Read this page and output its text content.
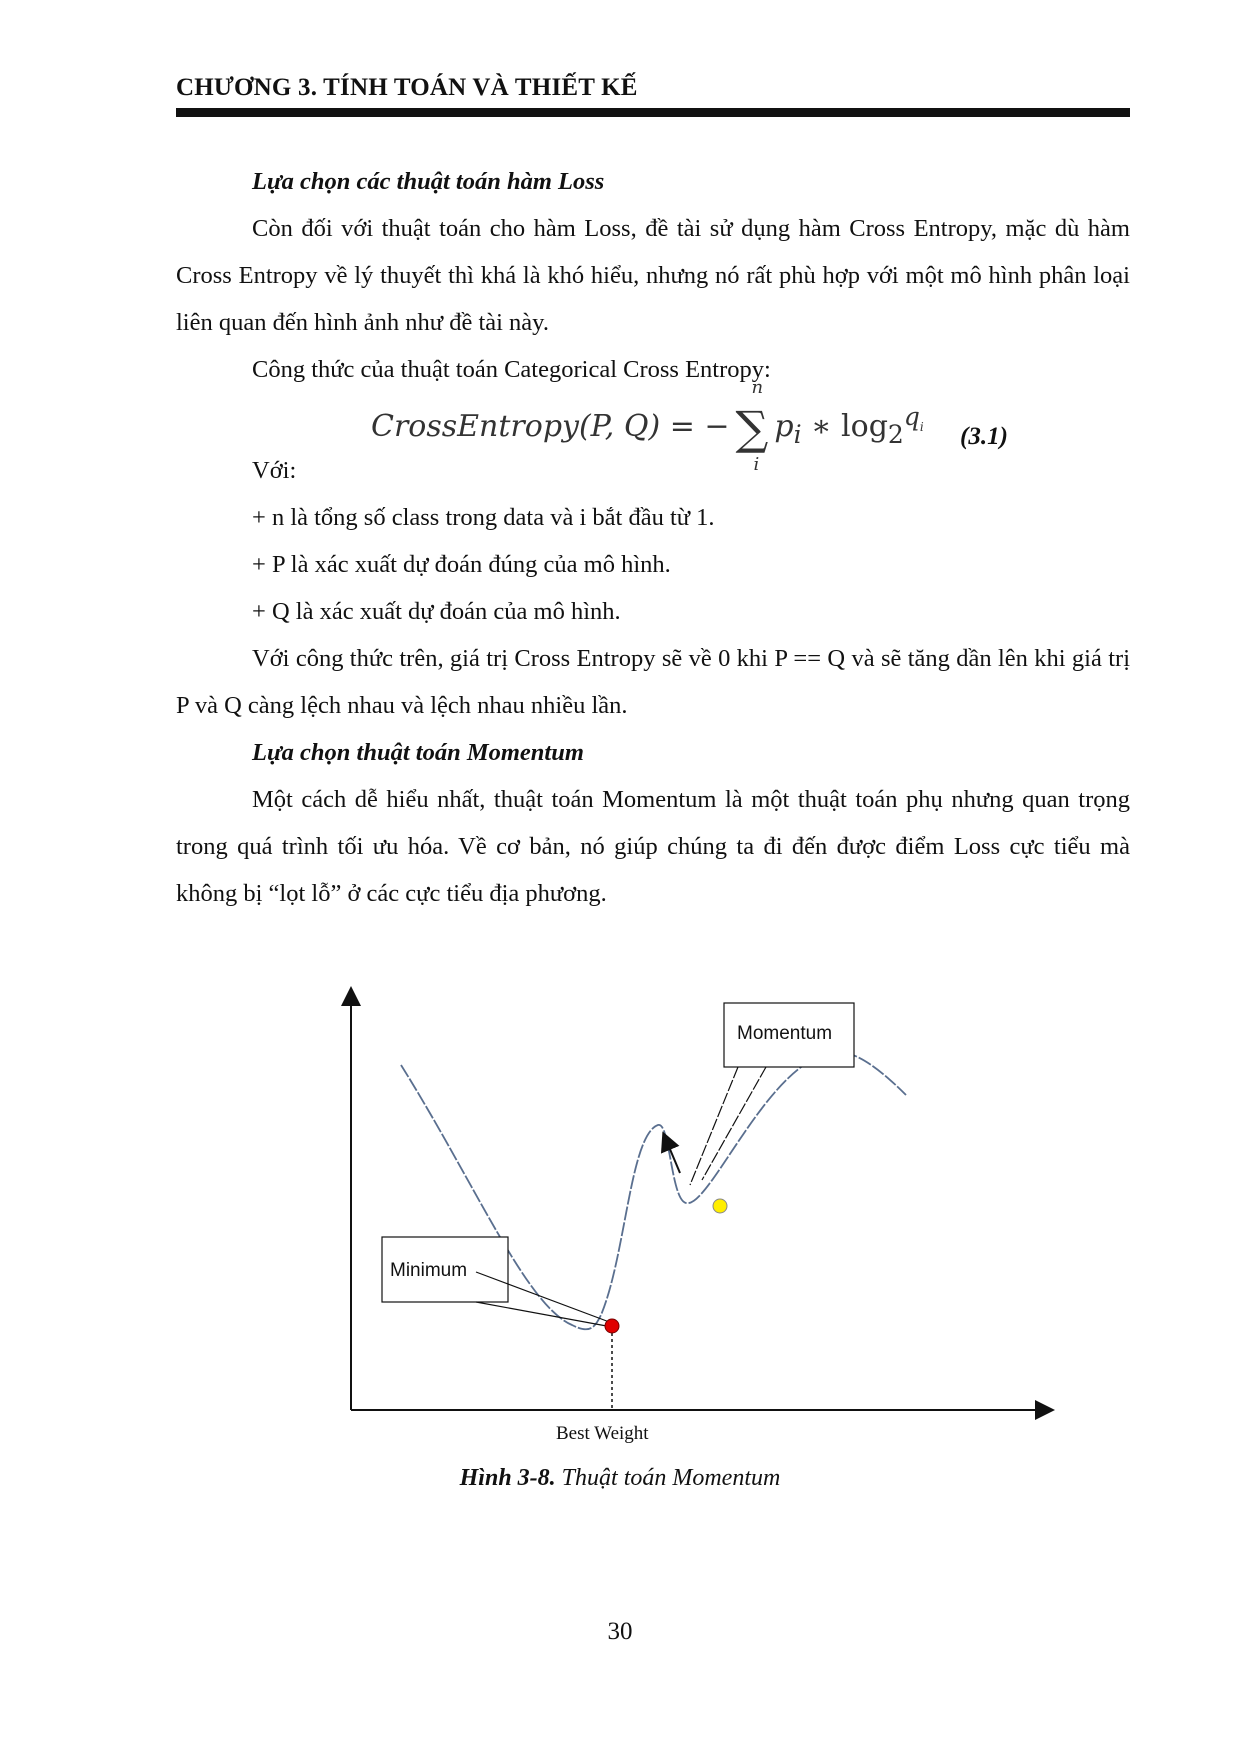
CHƯƠNG 3. TÍNH TOÁN VÀ THIẾT KẾ

Lựa chọn các thuật toán hàm Loss

Còn đối với thuật toán cho hàm Loss, đề tài sử dụng hàm Cross Entropy, mặc dù hàm Cross Entropy về lý thuyết thì khá là khó hiểu, nhưng nó rất phù hợp với một mô hình phân loại liên quan đến hình ảnh như đề tài này.

Công thức của thuật toán Categorical Cross Entropy:

CrossEntropy(P, Q) = − ∑
n
i
$p_i$ ∗ $\log_2^{q_i} (3.1)$

Với:

+ n là tổng số class trong data và i bắt đầu từ 1.

+ P là xác xuất dự đoán đúng của mô hình.

+ Q là xác xuất dự đoán của mô hình.

Với công thức trên, giá trị Cross Entropy sẽ về 0 khi P == Q và sẽ tăng dần lên khi giá trị P và Q càng lệch nhau và lệch nhau nhiều lần.

Lựa chọn thuật toán Momentum

Một cách dễ hiểu nhất, thuật toán Momentum là một thuật toán phụ nhưng quan trọng trong quá trình tối ưu hóa. Về cơ bản, nó giúp chúng ta đi đến được điểm Loss cực tiểu mà không bị “lọt lỗ” ở các cực tiểu địa phương.

Minimum
Momentum
Best Weight
Hình 3-8. Thuật toán Momentum
30
